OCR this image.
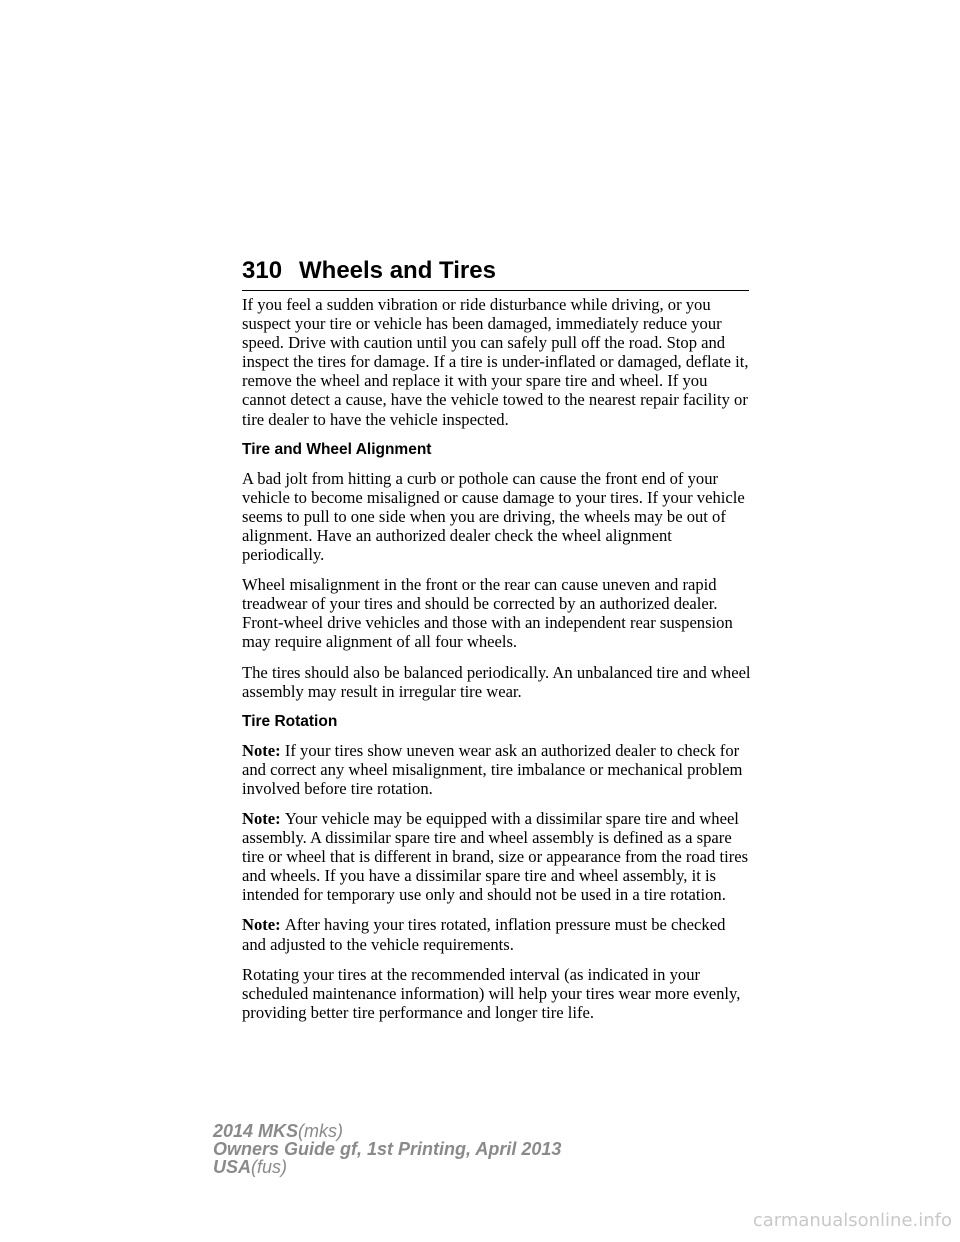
310 Wheels and Tires

If you feel a sudden vibration or ride disturbance while driving, or you suspect your tire or vehicle has been damaged, immediately reduce your speed. Drive with caution until you can safely pull off the road. Stop and inspect the tires for damage. If a tire is under-inflated or damaged, deflate it, remove the wheel and replace it with your spare tire and wheel. If you cannot detect a cause, have the vehicle towed to the nearest repair facility or tire dealer to have the vehicle inspected.

Tire and Wheel Alignment

A bad jolt from hitting a curb or pothole can cause the front end of your vehicle to become misaligned or cause damage to your tires. If your vehicle seems to pull to one side when you are driving, the wheels may be out of alignment. Have an authorized dealer check the wheel alignment periodically.

Wheel misalignment in the front or the rear can cause uneven and rapid treadwear of your tires and should be corrected by an authorized dealer. Front-wheel drive vehicles and those with an independent rear suspension may require alignment of all four wheels.

The tires should also be balanced periodically. An unbalanced tire and wheel assembly may result in irregular tire wear.

Tire Rotation

Note: If your tires show uneven wear ask an authorized dealer to check for and correct any wheel misalignment, tire imbalance or mechanical problem involved before tire rotation.

Note: Your vehicle may be equipped with a dissimilar spare tire and wheel assembly. A dissimilar spare tire and wheel assembly is defined as a spare tire or wheel that is different in brand, size or appearance from the road tires and wheels. If you have a dissimilar spare tire and wheel assembly, it is intended for temporary use only and should not be used in a tire rotation.

Note: After having your tires rotated, inflation pressure must be checked and adjusted to the vehicle requirements.

Rotating your tires at the recommended interval (as indicated in your scheduled maintenance information) will help your tires wear more evenly, providing better tire performance and longer tire life.

2014 MKS(mks)
Owners Guide gf, 1st Printing, April 2013
USA(fus)
carmanualsonline.info
